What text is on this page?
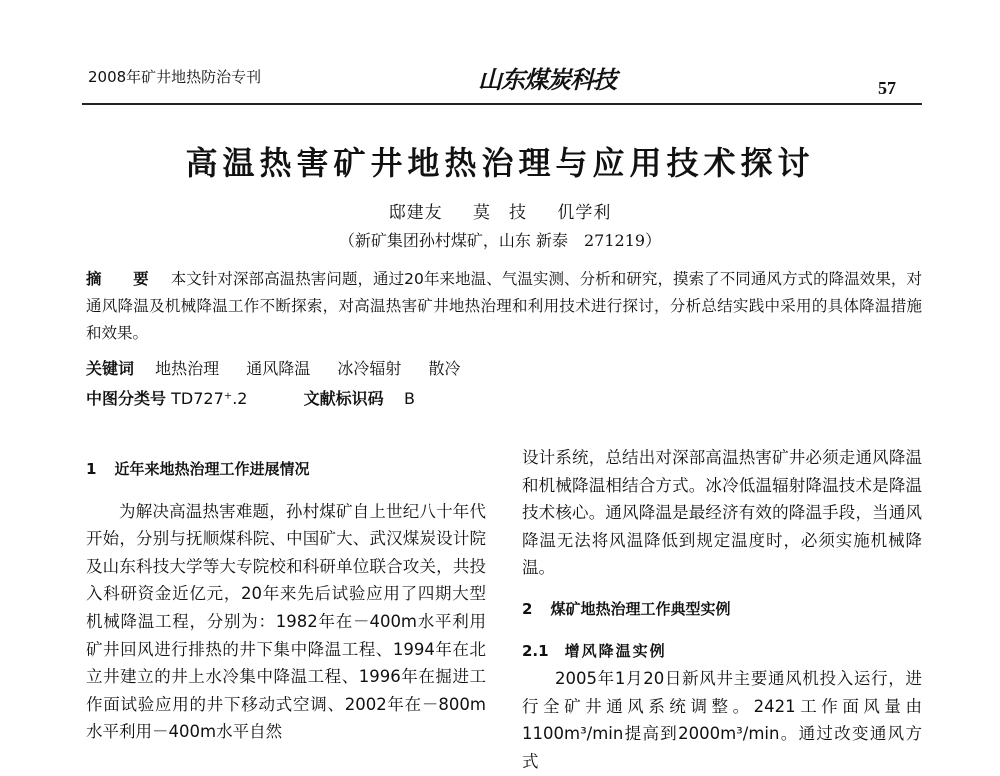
2008年矿井地热防治专刊	山东煤炭科技	57
高温热害矿井地热治理与应用技术探讨
邸建友 莫　技 仉学利
（新矿集团孙村煤矿，山东 新泰　271219）
摘　要 本文针对深部高温热害问题，通过20年来地温、气温实测、分析和研究，摸索了不同通风方式的降温效果，对通风降温及机械降温工作不断探索，对高温热害矿井地热治理和利用技术进行探讨，分析总结实践中采用的具体降温措施和效果。
关键词 地热治理 通风降温 冰冷辐射 散冷
中图分类号 TD727⁺.2	文献标识码 B
1 近年来地热治理工作进展情况

为解决高温热害难题，孙村煤矿自上世纪八十年代开始，分别与抚顺煤科院、中国矿大、武汉煤炭设计院及山东科技大学等大专院校和科研单位联合攻关，共投入科研资金近亿元，20年来先后试验应用了四期大型机械降温工程，分别为：1982年在－400m水平利用矿井回风进行排热的井下集中降温工程、1994年在北立井建立的井上水冷集中降温工程、1996年在掘进工作面试验应用的井下移动式空调、2002年在－800m水平利用－400m水平自然

设计系统，总结出对深部高温热害矿井必须走通风降温和机械降温相结合方式。冰冷低温辐射降温技术是降温技术核心。通风降温是最经济有效的降温手段，当通风降温无法将风温降低到规定温度时，必须实施机械降温。

2 煤矿地热治理工作典型实例
2.1 增风降温实例

2005年1月20日新风井主要通风机投入运行，进行全矿井通风系统调整。2421工作面风量由1100m³/min提高到2000m³/min。通过改变通风方式
